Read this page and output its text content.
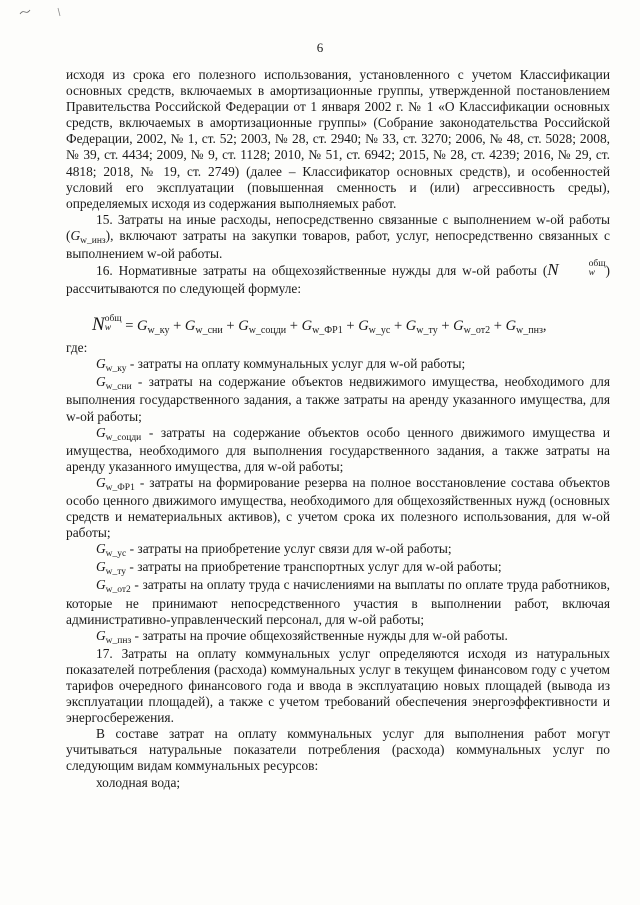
6

исходя из срока его полезного использования, установленного с учетом Классификации основных средств, включаемых в амортизационные группы, утвержденной постановлением Правительства Российской Федерации от 1 января 2002 г. № 1 «О Классификации основных средств, включаемых в амортизационные группы» (Собрание законодательства Российской Федерации, 2002, № 1, ст. 52; 2003, № 28, ст. 2940; № 33, ст. 3270; 2006, № 48, ст. 5028; 2008, № 39, ст. 4434; 2009, № 9, ст. 1128; 2010, № 51, ст. 6942; 2015, № 28, ст. 4239; 2016, № 29, ст. 4818; 2018, № 19, ст. 2749) (далее – Классификатор основных средств), и особенностей условий его эксплуатации (повышенная сменность и (или) агрессивность среды), определяемых исходя из содержания выполняемых работ.

15. Затраты на иные расходы, непосредственно связанные с выполнением w-ой работы $(G_{w\_инз})$, включают затраты на закупки товаров, работ, услуг, непосредственно связанных с выполнением w-ой работы.

16. Нормативные затраты на общехозяйственные нужды для w-ой работы (N	общ
w ) рассчитываются по следующей формуле:

N общ
$w = G_{w\_ку} + G_{w\_сни} + G_{w\_соцди} + G_{w\_ФР1} + G_{w\_ус} + G_{w\_ту} + G_{w\_от2} + G_{w\_пнз}$,

где:

$G_{w\_ку}$ - затраты на оплату коммунальных услуг для w-ой работы;

$G_{w\_сни}$ - затраты на содержание объектов недвижимого имущества, необходимого для выполнения государственного задания, а также затраты на аренду указанного имущества, для w-ой работы;

$G_{w\_соцди}$ - затраты на содержание объектов особо ценного движимого имущества и имущества, необходимого для выполнения государственного задания, а также затраты на аренду указанного имущества, для w-ой работы;

$G_{w\_ФР1}$ - затраты на формирование резерва на полное восстановление состава объектов особо ценного движимого имущества, необходимого для общехозяйственных нужд (основных средств и нематериальных активов), с учетом срока их полезного использования, для w-ой работы;

$G_{w\_ус}$ - затраты на приобретение услуг связи для w-ой работы;

$G_{w\_ту}$ - затраты на приобретение транспортных услуг для w-ой работы;

$G_{w\_от2}$ - затраты на оплату труда с начислениями на выплаты по оплате труда работников, которые не принимают непосредственного участия в выполнении работ, включая административно-управленческий персонал, для w-ой работы;

$G_{w\_пнз}$ - затраты на прочие общехозяйственные нужды для w-ой работы.

17. Затраты на оплату коммунальных услуг определяются исходя из натуральных показателей потребления (расхода) коммунальных услуг в текущем финансовом году с учетом тарифов очередного финансового года и ввода в эксплуатацию новых площадей (вывода из эксплуатации площадей), а также с учетом требований обеспечения энергоэффективности и энергосбережения.

В составе затрат на оплату коммунальных услуг для выполнения работ могут учитываться натуральные показатели потребления (расхода) коммунальных услуг по следующим видам коммунальных ресурсов:

холодная вода;
